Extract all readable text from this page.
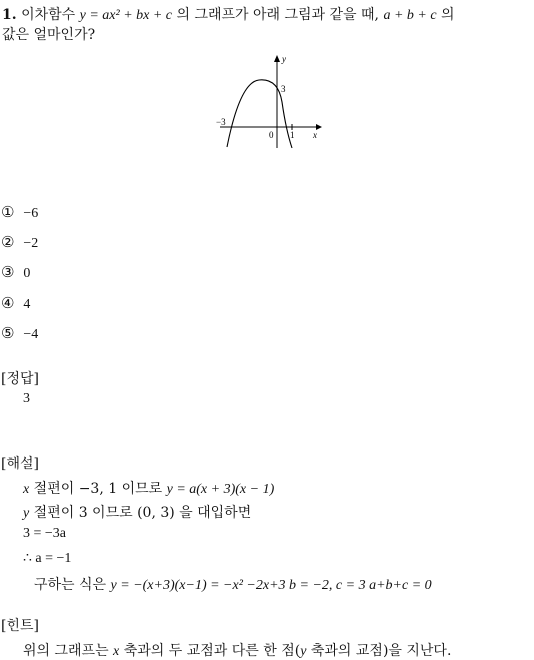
1. 이차함수 y = ax² + bx + c 의 그래프가 아래 그림과 같을 때, a + b + c 의
값은 얼마인가?
y
x
3
−3
0 1
① −6
② −2
③ 0
④ 4
⑤ −4
[정답]
3
[해설]
x 절편이 −3, 1 이므로 y = a(x + 3)(x − 1)
y 절편이 3 이므로 (0, 3) 을 대입하면
3 = −3a
∴ a = −1
구하는 식은 y = −(x+3)(x−1) = −x² −2x+3 b = −2, c = 3 a+b+c = 0
[힌트]
위의 그래프는 x 축과의 두 교점과 다른 한 점(y 축과의 교점)을 지난다.
